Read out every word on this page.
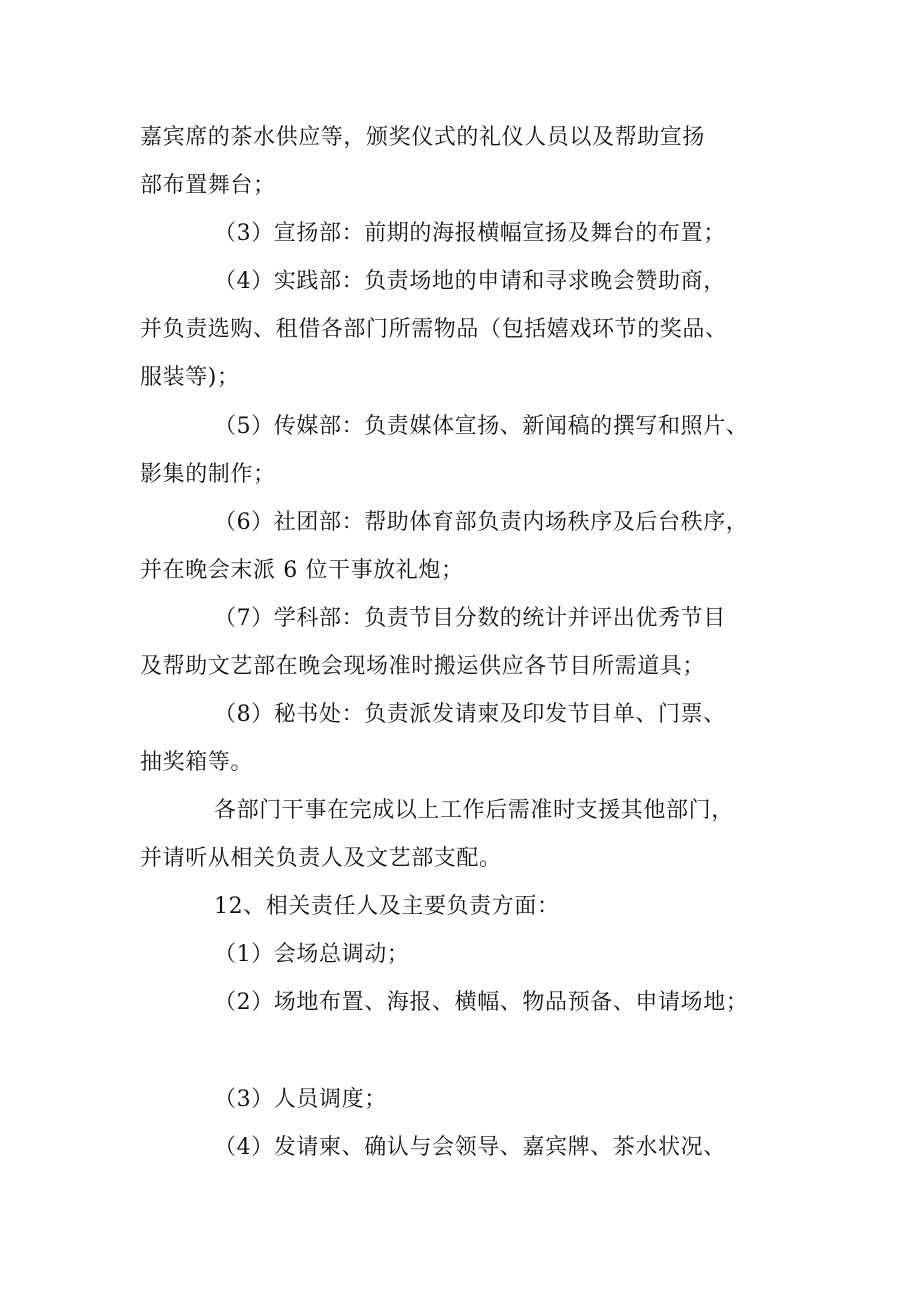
嘉宾席的茶水供应等，颁奖仪式的礼仪人员以及帮助宣扬
部布置舞台；
（3）宣扬部：前期的海报横幅宣扬及舞台的布置；
（4）实践部：负责场地的申请和寻求晚会赞助商，
并负责选购、租借各部门所需物品（包括嬉戏环节的奖品、
服装等)；
（5）传媒部：负责媒体宣扬、新闻稿的撰写和照片、
影集的制作；
（6）社团部：帮助体育部负责内场秩序及后台秩序，
并在晚会末派 6 位干事放礼炮；
（7）学科部：负责节目分数的统计并评出优秀节目
及帮助文艺部在晚会现场准时搬运供应各节目所需道具；
（8）秘书处：负责派发请柬及印发节目单、门票、
抽奖箱等。
各部门干事在完成以上工作后需准时支援其他部门，
并请听从相关负责人及文艺部支配。
12、相关责任人及主要负责方面：
（1）会场总调动；
（2）场地布置、海报、横幅、物品预备、申请场地；
（3）人员调度；
（4）发请柬、确认与会领导、嘉宾牌、茶水状况、
